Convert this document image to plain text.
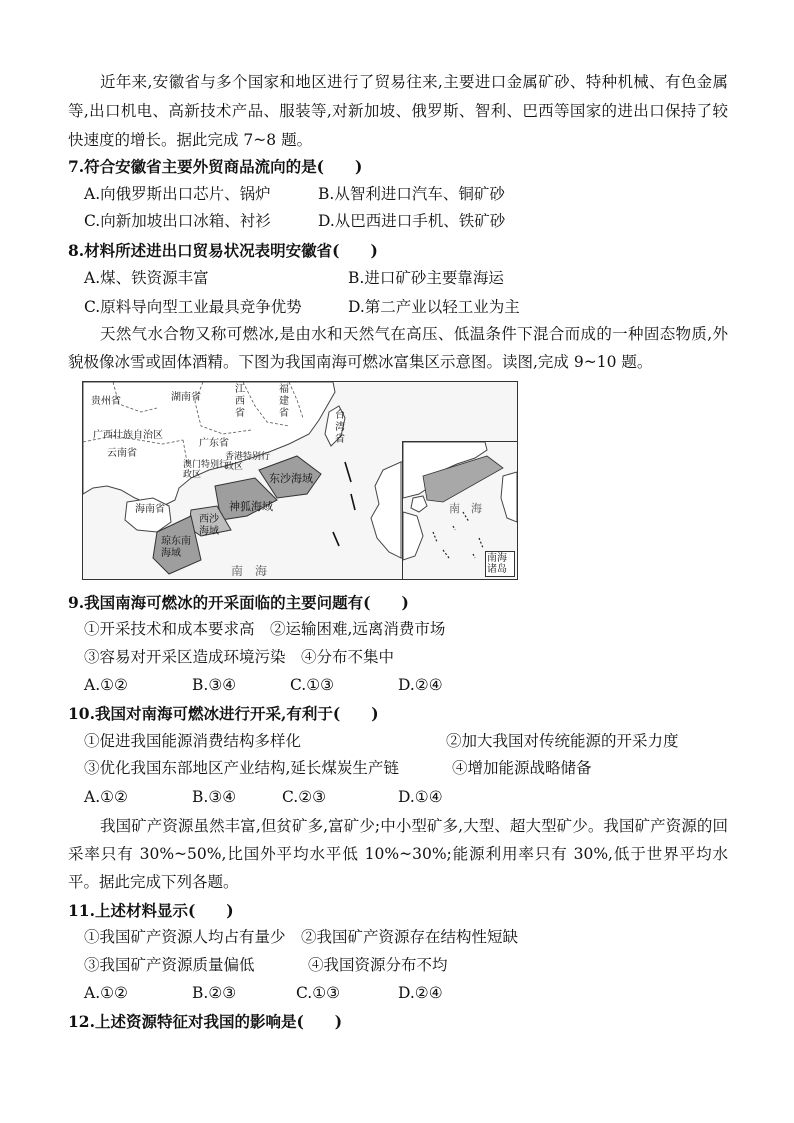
近年来,安徽省与多个国家和地区进行了贸易往来,主要进口金属矿砂、特种机械、有色金属等,出口机电、高新技术产品、服装等,对新加坡、俄罗斯、智利、巴西等国家的进出口保持了较快速度的增长。据此完成 7~8 题。
7.符合安徽省主要外贸商品流向的是(　　)
A.向俄罗斯出口芯片、锅炉	B.从智利进口汽车、铜矿砂
C.向新加坡出口冰箱、衬衫	D.从巴西进口手机、铁矿砂
8.材料所述进出口贸易状况表明安徽省(　　)
A.煤、铁资源丰富	B.进口矿砂主要靠海运
C.原料导向型工业最具竞争优势	D.第二产业以轻工业为主
天然气水合物又称可燃冰,是由水和天然气在高压、低温条件下混合而成的一种固态物质,外貌极像冰雪或固体酒精。下图为我国南海可燃冰富集区示意图。读图,完成 9~10 题。
贵州省	湖南省
江西省
福建省	台湾省
广西壮族自治区
云南省
广东省
香港特别行政区
澳门特别行政区
海南省
东沙海域
神狐海域
西沙海域
琼东南海域
南　海
南　海
南海诸岛
9.我国南海可燃冰的开采面临的主要问题有(　　)
①开采技术和成本要求高　②运输困难,远离消费市场
③容易对开采区造成环境污染　④分布不集中
A.①②	B.③④	C.①③	D.②④
10.我国对南海可燃冰进行开采,有利于(　　)
①促进我国能源消费结构多样化	②加大我国对传统能源的开采力度
③优化我国东部地区产业结构,延长煤炭生产链	④增加能源战略储备
A.①②	B.③④	C.②③	D.①④
我国矿产资源虽然丰富,但贫矿多,富矿少;中小型矿多,大型、超大型矿少。我国矿产资源的回采率只有 30%~50%,比国外平均水平低 10%~30%;能源利用率只有 30%,低于世界平均水平。据此完成下列各题。
11.上述材料显示(　　)
①我国矿产资源人均占有量少　②我国矿产资源存在结构性短缺
③我国矿产资源质量偏低	④我国资源分布不均
A.①②	B.②③	C.①③	D.②④
12.上述资源特征对我国的影响是(　　)
